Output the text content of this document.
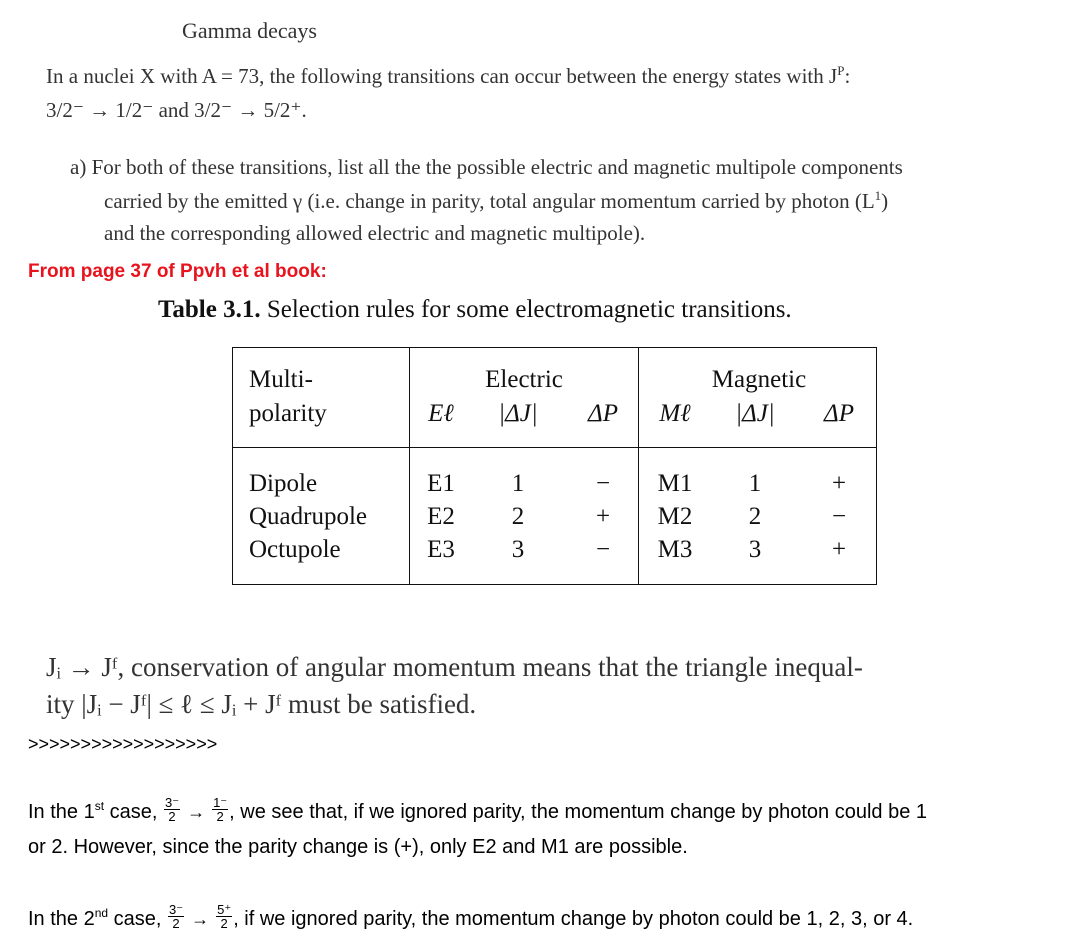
Gamma decays
In a nuclei X with A = 73, the following transitions can occur between the energy states with $J^P$:
3/2⁻ → 1/2⁻ and 3/2⁻ → 5/2⁺.
a) For both of these transitions, list all the the possible electric and magnetic multipole components
carried by the emitted γ (i.e. change in parity, total angular momentum carried by photon $(L^1)$
and the corresponding allowed electric and magnetic multipole).
From page 37 of Ppvh et al book:
Table 3.1. Selection rules for some electromagnetic transitions.
Multi-
polarity
Electric	Magnetic
Eℓ |ΔJ| ΔP Mℓ |ΔJ| ΔP
Dipole	E1 1	− M1 1	+
Quadrupole E2 2	+ M2 2	−
Octupole	E3 3	− M3 3	+
Jᵢ → Jᶠ, conservation of angular momentum means that the triangle inequal-
ity |Jᵢ − Jᶠ| ≤ ℓ ≤ Jᵢ + Jᶠ must be satisfied.
>>>>>>>>>>>>>>>>>>
In the 1st case, $\frac{3^-}{2} \to \frac{1^-}{2}$ , we see that, if we ignored parity, the momentum change by photon could be 1
or 2. However, since the parity change is (+), only E2 and M1 are possible.
In the 2nd case, $\frac{3^-}{2} \to \frac{5^+}{2}$ , if we ignored parity, the momentum change by photon could be 1, 2, 3, or 4.
